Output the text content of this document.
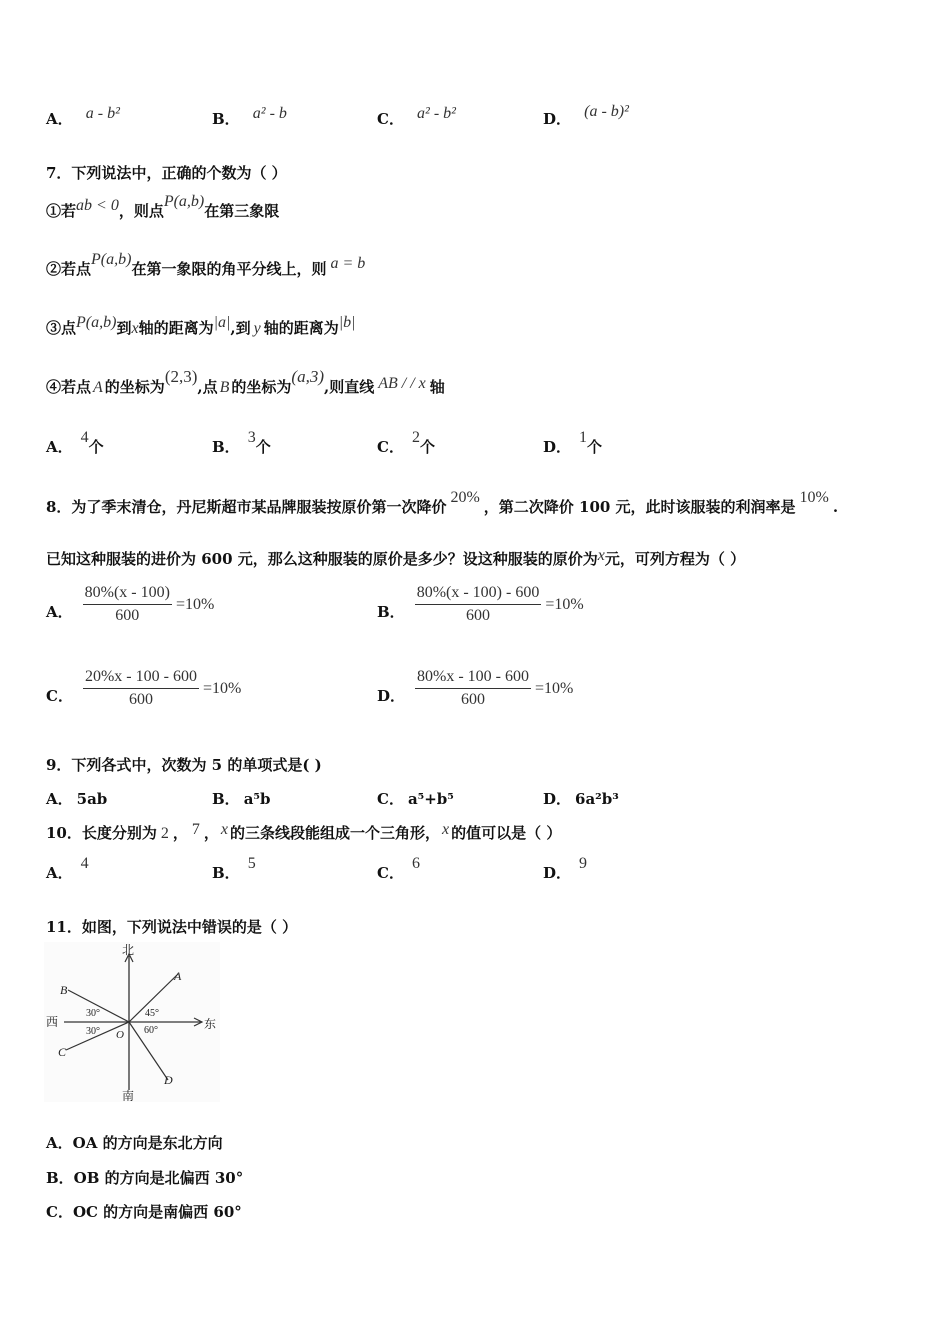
A． a - b²	B． a² - b	C． a² - b²	D． (a - b)²
7．下列说法中，正确的个数为（ ）
①若ab < 0，则点P(a,b)在第三象限
②若点P(a,b)在第一象限的角平分线上，则 a = b
③点P(a,b)到x轴的距离为|a|,到 y 轴的距离为|b|
④若点 A 的坐标为(2,3),点 B 的坐标为(a,3),则直线 AB / / x 轴
A．4个	B．3个	C．2个	D．1个
8．为了季末清仓，丹尼斯超市某品牌服装按原价第一次降价20%，第二次降价 100 元，此时该服装的利润率是10%.
已知这种服装的进价为 600 元，那么这种服装的原价是多少？设这种服装的原价为x元，可列方程为（ ）
A． $\frac{80\%(x - 100)}{600} =10\%$	B． $\frac{80\%(x - 100) - 600}{600} =10\%$
C． $\frac{20\%x - 100 - 600}{600} =10\%$	D． $\frac{80\%x - 100 - 600}{600} =10\%$
9．下列各式中，次数为 5 的单项式是( )
A． 5ab	B． a⁵b	C． a⁵+b⁵	D． 6a²b³
10．长度分别为 2 ， 7 ， x 的三条线段能组成一个三角形， x 的值可以是（ ）
A．4
B．5
C．6
D．9
11．如图，下列说法中错误的是（ ）
北
南
西	东
A
B
C
D
O
30°
30°
45°
60°
A．OA 的方向是东北方向
B．OB 的方向是北偏西 30°
C．OC 的方向是南偏西 60°
